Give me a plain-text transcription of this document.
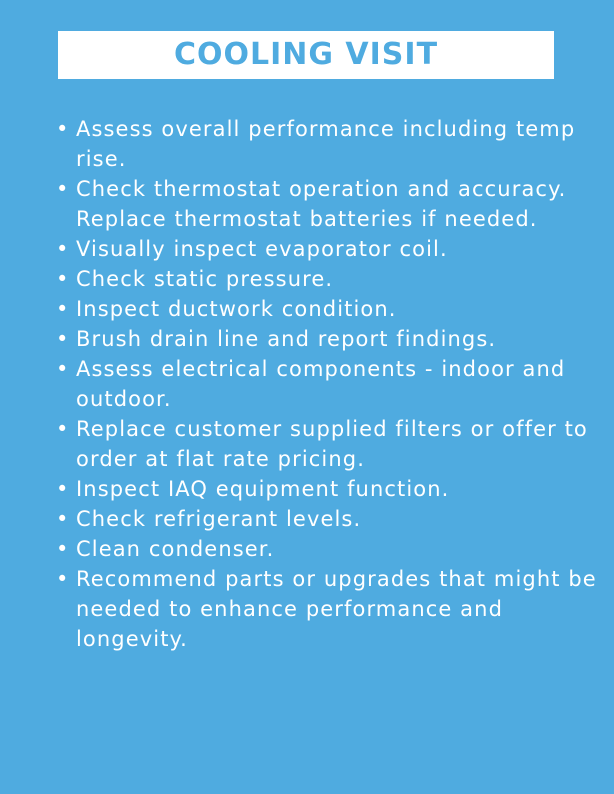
COOLING VISIT
• Assess overall performance including temp rise.
• Check thermostat operation and accuracy. Replace thermostat batteries if needed.
• Visually inspect evaporator coil.
• Check static pressure.
• Inspect ductwork condition.
• Brush drain line and report findings.
• Assess electrical components - indoor and outdoor.
• Replace customer supplied filters or offer to order at flat rate pricing.
• Inspect IAQ equipment function.
• Check refrigerant levels.
• Clean condenser.
• Recommend parts or upgrades that might be needed to enhance performance and longevity.
